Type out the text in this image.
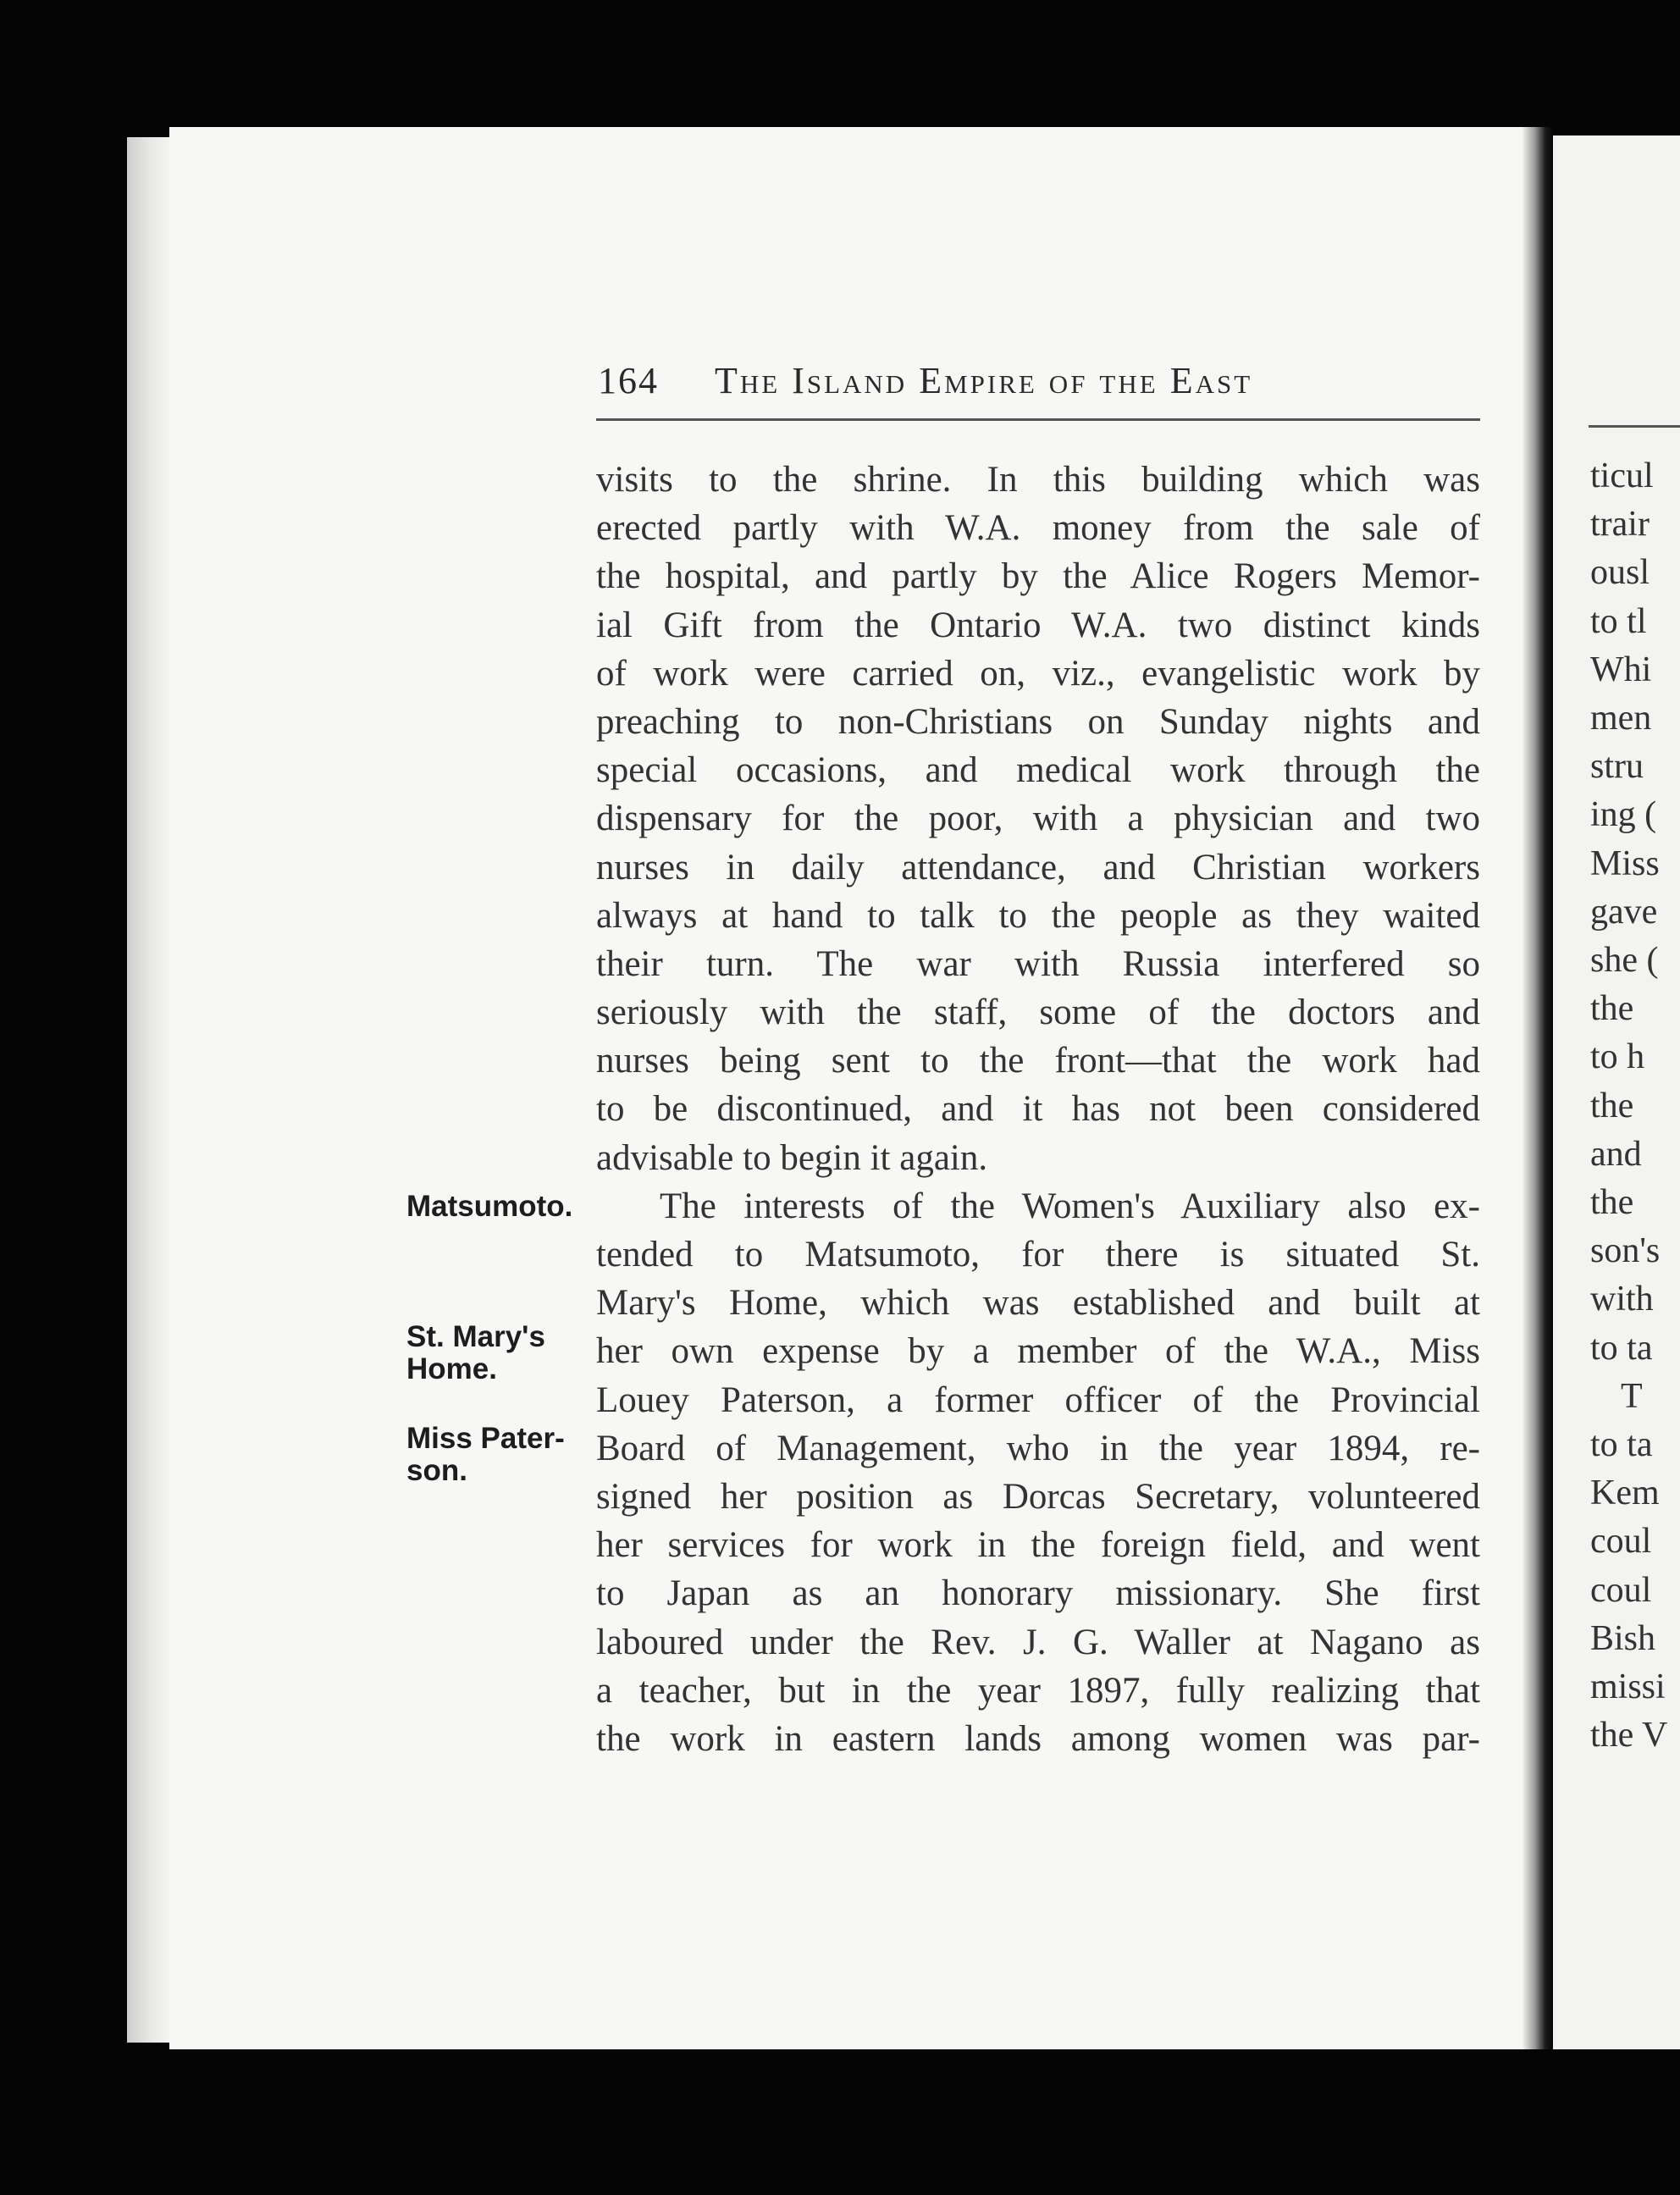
164 The Island Empire of the East
visits to the shrine. In this building which was
erected partly with W.A. money from the sale of
the hospital, and partly by the Alice Rogers Memor-
ial Gift from the Ontario W.A. two distinct kinds
of work were carried on, viz., evangelistic work by
preaching to non-Christians on Sunday nights and
special occasions, and medical work through the
dispensary for the poor, with a physician and two
nurses in daily attendance, and Christian workers
always at hand to talk to the people as they waited
their turn. The war with Russia interfered so
seriously with the staff, some of the doctors and
nurses being sent to the front—that the work had
to be discontinued, and it has not been considered
advisable to begin it again.
The interests of the Women's Auxiliary also ex-
tended to Matsumoto, for there is situated St.
Mary's Home, which was established and built at
her own expense by a member of the W.A., Miss
Louey Paterson, a former officer of the Provincial
Board of Management, who in the year 1894, re-
signed her position as Dorcas Secretary, volunteered
her services for work in the foreign field, and went
to Japan as an honorary missionary. She first
laboured under the Rev. J. G. Waller at Nagano as
a teacher, but in the year 1897, fully realizing that
the work in eastern lands among women was par-
Matsumoto.
St. Mary's
Home.
Miss Pater-
son.
ticul
trair
ousl
to tl
Whi
men
stru
ing (
Miss
gave
she (
the
to h
the
and
the
son's
with
to ta
T
to ta
Kem
coul
coul
Bish
missi
the V
